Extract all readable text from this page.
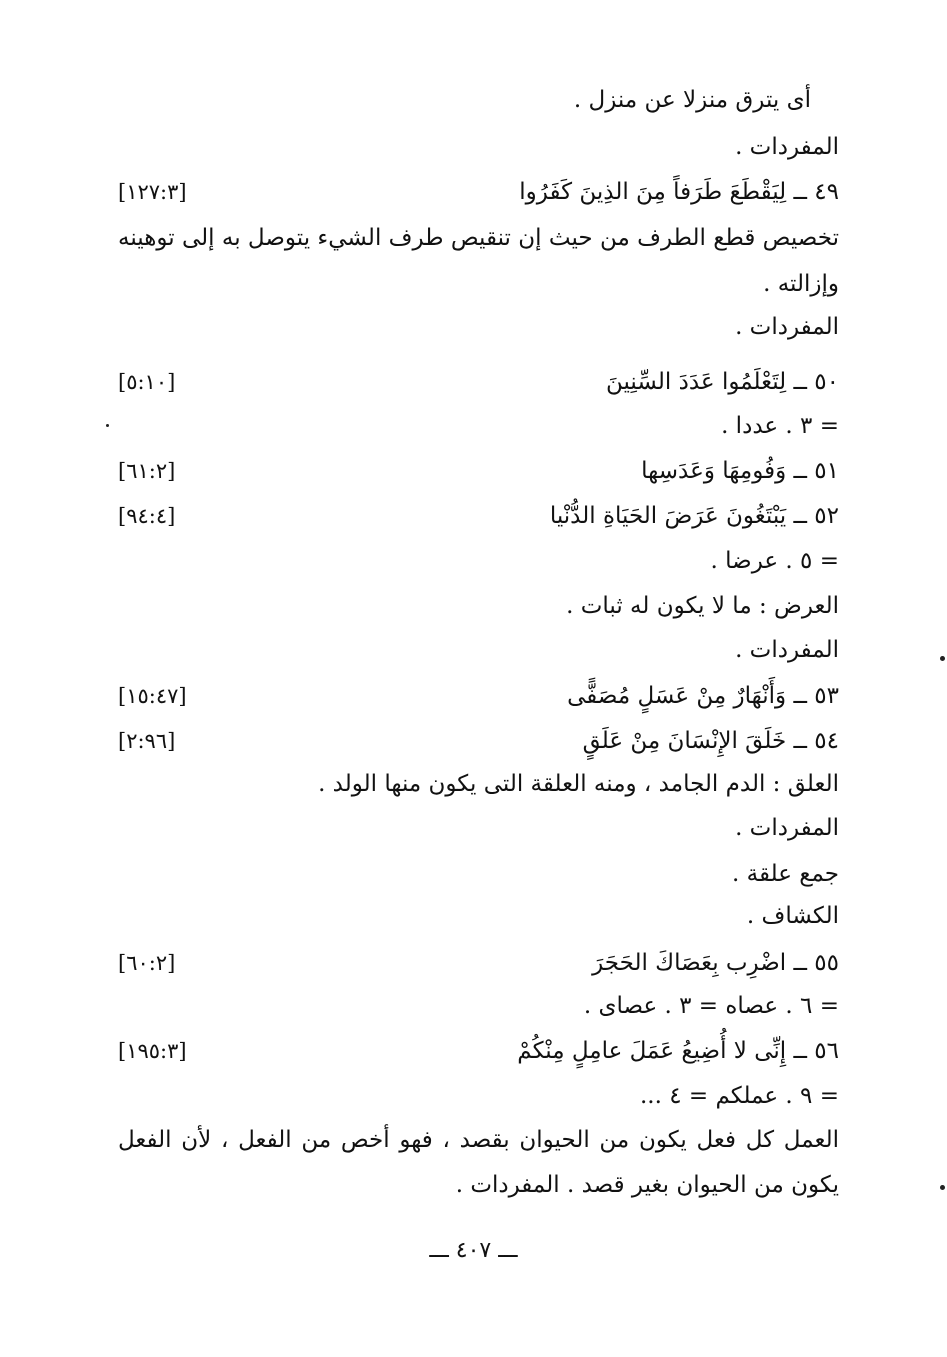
أى يترق منزلا عن منزل .
المفردات .
٤٩ ــ لِيَقْطَعَ طَرَفاً مِنَ الذِينَ كَفَرُوا
[١٢٧:٣]
تخصيص قطع الطرف من حيث إن تنقيص طرف الشيء يتوصل به إلى توهينه
وإزالته .
المفردات .
٥٠ ــ لِتَعْلَمُوا عَدَدَ السِّنِينَ
[٥:١٠]
= ٣ . عددا .
٥١ ــ وَفُومِهَا وَعَدَسِها
[٦١:٢]
٥٢ ــ يَبْتَغُونَ عَرَضَ الحَيَاةِ الدُّنْيا
[٩٤:٤]
= ٥ . عرضا .
العرض : ما لا يكون له ثبات .
المفردات .
٥٣ ــ وَأَنْهَارٌ مِنْ عَسَلٍ مُصَفًّى
[١٥:٤٧]
٥٤ ــ خَلَقَ الإِنْسَانَ مِنْ عَلَقٍ
[٢:٩٦]
العلق : الدم الجامد ، ومنه العلقة التى يكون منها الولد .
المفردات .
جمع علقة .
الكشاف .
٥٥ ــ اضْرِب بِعَصَاكَ الحَجَرَ
[٦٠:٢]
= ٦ . عصاه = ٣ . عصاى .
٥٦ ــ إِنِّى لا أُضِيعُ عَمَلَ عامِلٍ مِنْكُمْ
[١٩٥:٣]
= ٩ . عملكم = ٤ ...
العمل كل فعل يكون من الحيوان بقصد ، فهو أخص من الفعل ، لأن الفعل
يكون من الحيوان بغير قصد . المفردات .
ـــ ٤٠٧ ـــ
